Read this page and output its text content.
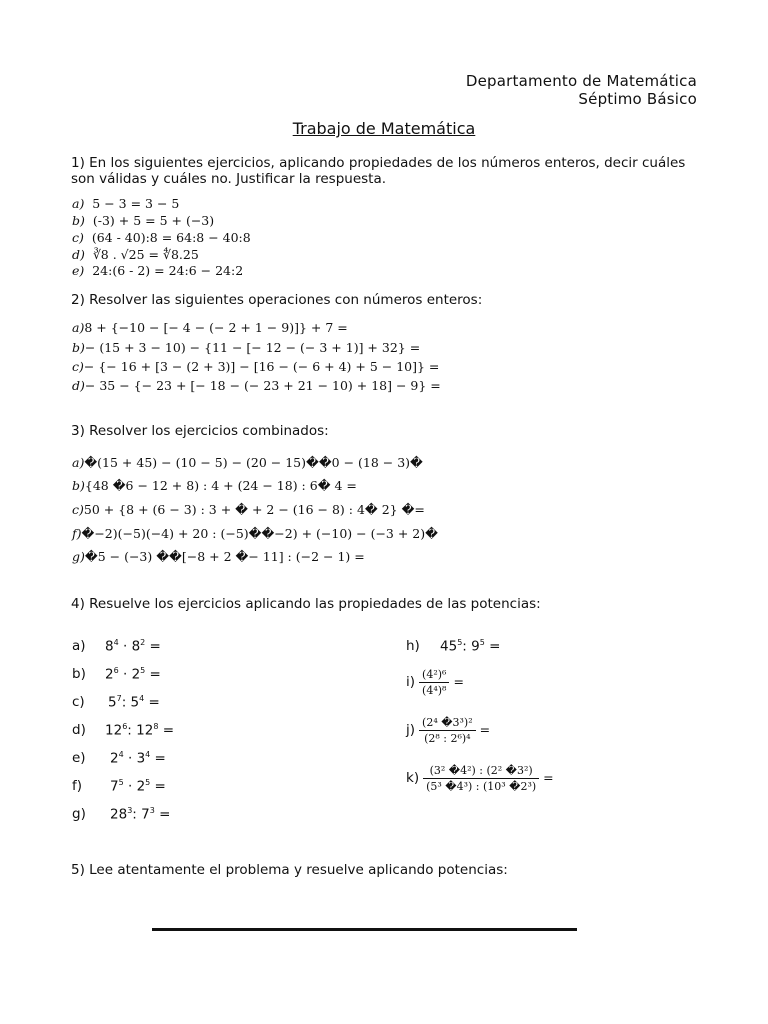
Departamento de Matemática
Séptimo Básico
Trabajo de Matemática
1) En los siguientes ejercicios, aplicando propiedades de los números enteros, decir cuáles
son válidas y cuáles no. Justificar la respuesta.
a) 5 − 3 = 3 − 5
b) (-3) + 5 = 5 + (−3)
c) (64 - 40):8 = 64:8 − 40:8
d) ∛8 . √25 = ∜8.25
e) 24:(6 - 2) = 24:6 − 24:2
2) Resolver las siguientes operaciones con números enteros:
a)8 + {−10 − [− 4 − (− 2 + 1 − 9)]} + 7 =
b)− (15 + 3 − 10) − {11 − [− 12 − (− 3 + 1)] + 32} =
c)− {− 16 + [3 − (2 + 3)] − [16 − (− 6 + 4) + 5 − 10]} =
d)− 35 − {− 23 + [− 18 − (− 23 + 21 − 10) + 18] − 9} =
3) Resolver los ejercicios combinados:
a)�(15 + 45) − (10 − 5) − (20 − 15)��0 − (18 − 3)�
b){48 �6 − 12 + 8) : 4 + (24 − 18) : 6� 4 =
c)50 + {8 + (6 − 3) : 3 + � + 2 − (16 − 8) : 4� 2} �=
f)�−2)(−5)(−4) + 20 : (−5)��−2) + (−10) − (−3 + 2)�
g)�5 − (−3) ��[−8 + 2 �− 11] : (−2 − 1) =
4) Resuelve los ejercicios aplicando las propiedades de las potencias:
a) $8^4 \cdot 8^2$ =
b) $2^6 \cdot 2^5$ =
c) $5^7$: $5^4$ =
d) $12^6$: $12^8$ =
e) $2^4 \cdot 3^4$ =
f) $7^5 \cdot 2^5$ =
g) $28^3$: $7^3$ =
h) $45^5$: $9^5$ =
$i) \frac{\text{(4²)⁶}}{\text{(4⁴)⁸}}$ =
$j) \frac{\text{(2⁴ �3³)²}}{\text{(2⁸ : 2⁶)⁴}}$ =
$k) \frac{\text{(3² �4²) : (2² �3²)}}{\text{(5³ �4³) : (10³ �2³)}}$ =
5) Lee atentamente el problema y resuelve aplicando potencias:
